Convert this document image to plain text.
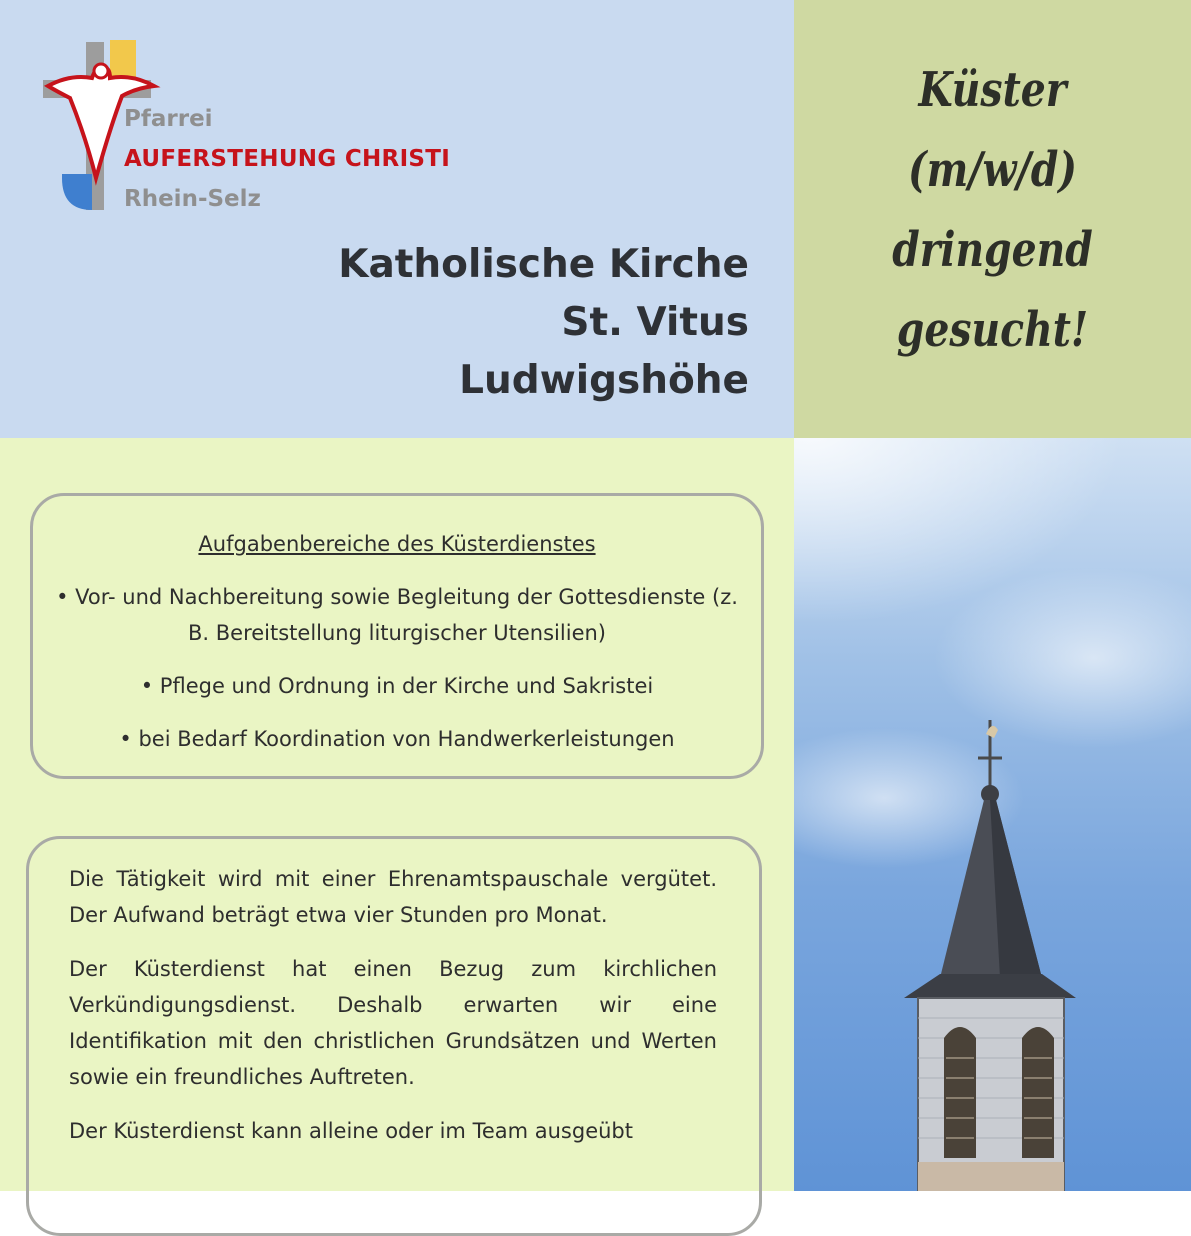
Pfarrei
AUFERSTEHUNG CHRISTI
Rhein-Selz
Katholische Kirche
St. Vitus
Ludwigshöhe
Küster
(m/w/d)
dringend
gesucht!
Aufgabenbereiche des Küsterdienstes

• Vor- und Nachbereitung sowie Begleitung der Gottesdienste (z. B. Bereitstellung liturgischer Utensilien)

• Pflege und Ordnung in der Kirche und Sakristei

• bei Bedarf Koordination von Handwerkerleistungen

Die Tätigkeit wird mit einer Ehrenamtspauschale vergütet. Der Aufwand beträgt etwa vier Stunden pro Monat.

Der Küsterdienst hat einen Bezug zum kirchlichen Verkündigungsdienst. Deshalb erwarten wir eine Identifikation mit den christlichen Grundsätzen und Werten sowie ein freundliches Auftreten.

Der Küsterdienst kann alleine oder im Team ausgeübt
